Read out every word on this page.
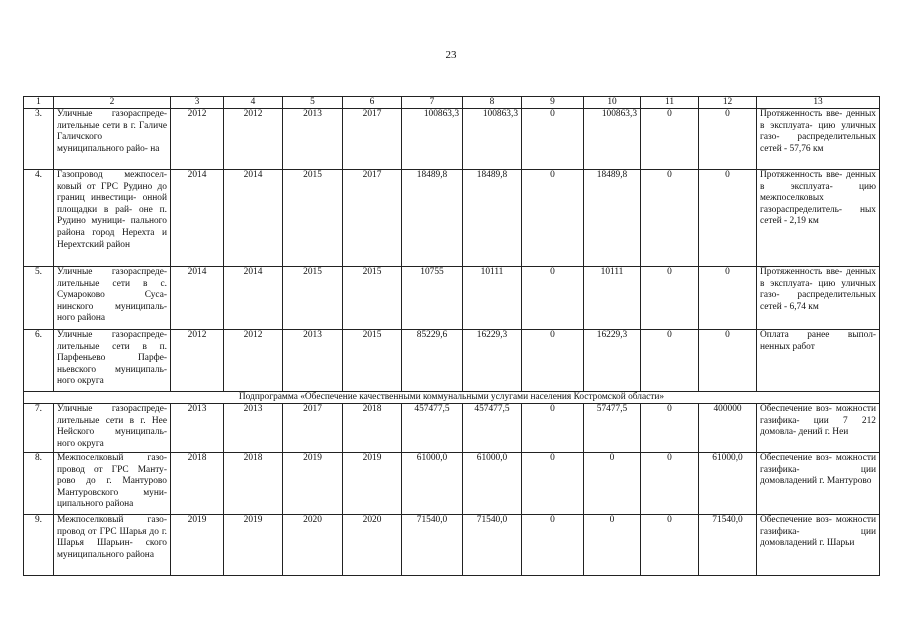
23
1	2	3	4	5	6	7	8	9	10	11	12	13
3.	Уличные газораспреде- лительные сети в г. Галиче Галичского муниципального райо- на	2012	2012	2013	2017	100863,3	100863,3	0	100863,3	0	0	Протяженность вве- денных в эксплуата- цию уличных газо- распределительных сетей - 57,76 км
4.	Газопровод межпосел- ковый от ГРС Рудино до границ инвестици- онной площадки в рай- оне п. Рудино муници- пального района город Нерехта и Нерехтский район	2014	2014	2015	2017	18489,8	18489,8	0	18489,8	0	0	Протяженность вве- денных в эксплуата- цию межпоселковых газораспределитель- ных сетей - 2,19 км
5.	Уличные газораспреде- лительные сети в с. Сумароково Суса- нинского муниципаль- ного района	2014	2014	2015	2015	10755	10111	0	10111	0	0	Протяженность вве- денных в эксплуата- цию уличных газо- распределительных сетей - 6,74 км
6.	Уличные газораспреде- лительные сети в п. Парфеньево Парфе- ньевского муниципаль- ного округа	2012	2012	2013	2015	85229,6	16229,3	0	16229,3	0	0	Оплата ранее выпол- ненных работ
Подпрограмма «Обеспечение качественными коммунальными услугами населения Костромской области»												
7.	Уличные газораспреде- лительные сети в г. Нее Нейского муниципаль- ного округа	2013	2013	2017	2018	457477,5	457477,5	0	57477,5	0	400000	Обеспечение воз- можности газифика- ции 7 212 домовла- дений г. Неи
8.	Межпоселковый газо- провод от ГРС Манту- рово до г. Мантурово Мантуровского муни- ципального района	2018	2018	2019	2019	61000,0	61000,0	0	0	0	61000,0	Обеспечение воз- можности газифика- ции домовладений г. Мантурово
9.	Межпоселковый газо- провод от ГРС Шарья до г. Шарья Шарьин- ского муниципального района	2019	2019	2020	2020	71540,0	71540,0	0	0	0	71540,0	Обеспечение воз- можности газифика- ции домовладений г. Шарьи
